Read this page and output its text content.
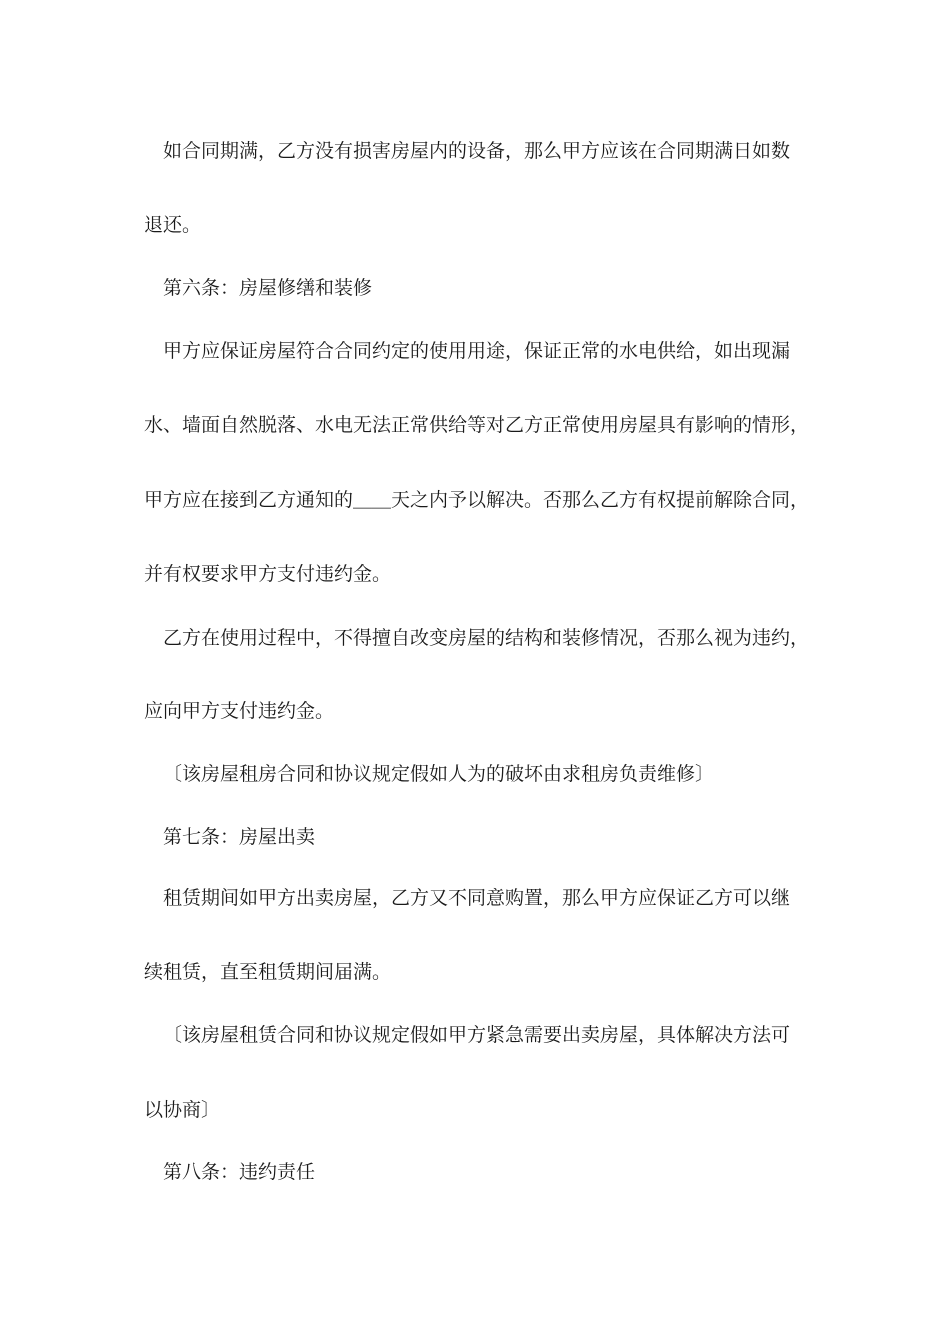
如合同期满，乙方没有损害房屋内的设备，那么甲方应该在合同期满日如数
退还。
第六条：房屋修缮和装修
甲方应保证房屋符合合同约定的使用用途，保证正常的水电供给，如出现漏
水、墙面自然脱落、水电无法正常供给等对乙方正常使用房屋具有影响的情形，
甲方应在接到乙方通知的＿＿天之内予以解决。否那么乙方有权提前解除合同，
并有权要求甲方支付违约金。
乙方在使用过程中，不得擅自改变房屋的结构和装修情况，否那么视为违约，
应向甲方支付违约金。
〔该房屋租房合同和协议规定假如人为的破坏由求租房负责维修〕
第七条：房屋出卖
租赁期间如甲方出卖房屋，乙方又不同意购置，那么甲方应保证乙方可以继
续租赁，直至租赁期间届满。
〔该房屋租赁合同和协议规定假如甲方紧急需要出卖房屋，具体解决方法可
以协商〕
第八条：违约责任
